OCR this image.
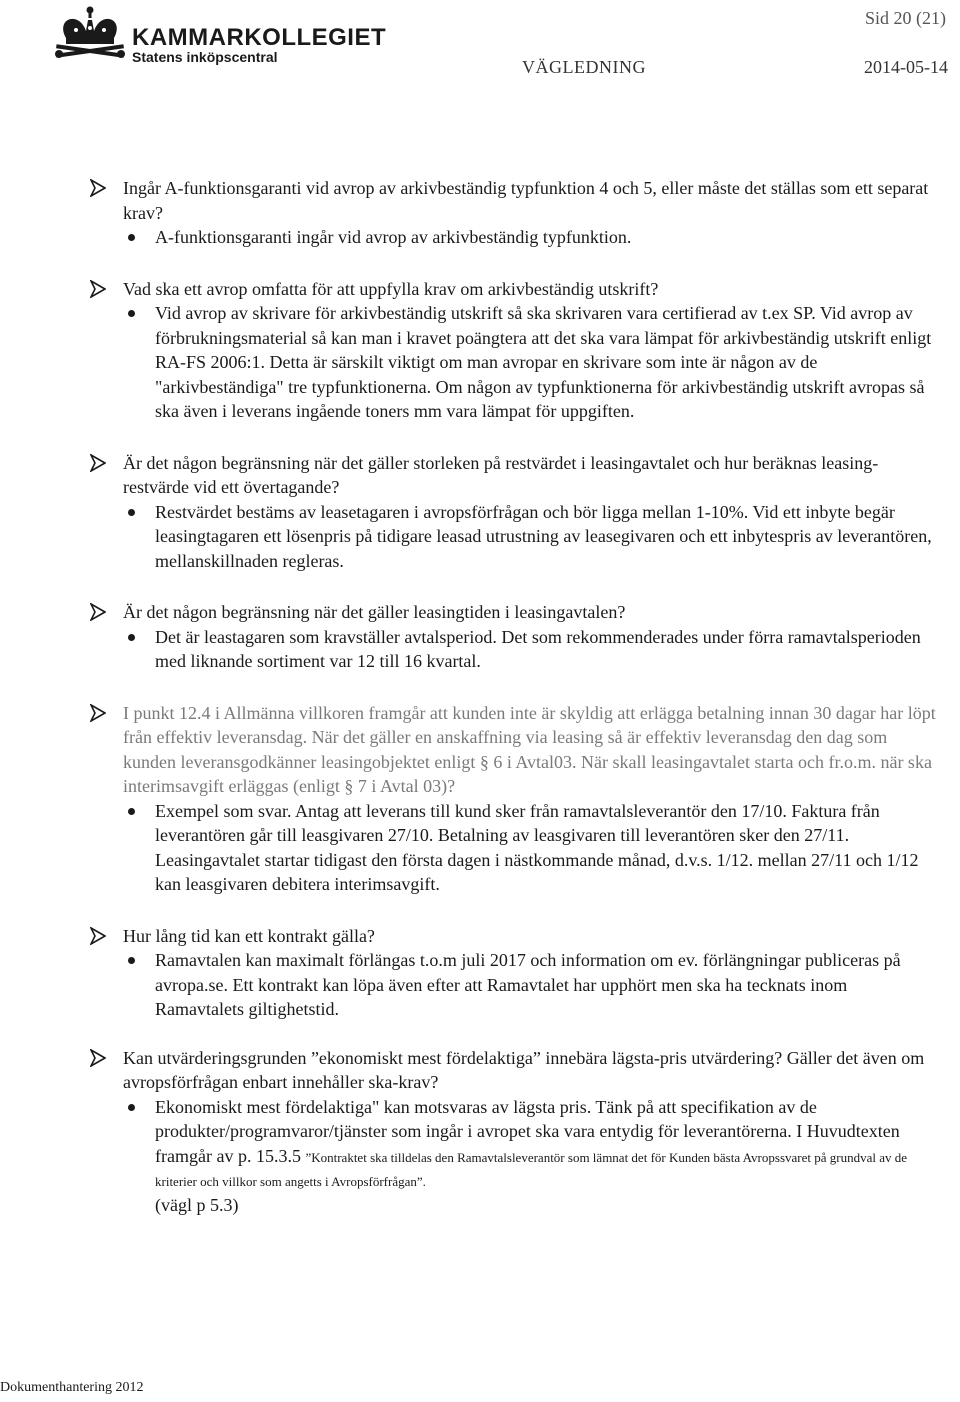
KAMMARKOLLEGIET
Statens inköpscentral
Sid 20 (21)
VÄGLEDNING	2014-05-14

Ingår A-funktionsgaranti vid avrop av arkivbeständig typfunktion 4 och 5, eller måste det ställas som ett separat krav?

A-funktionsgaranti ingår vid avrop av arkivbeständig typfunktion.

Vad ska ett avrop omfatta för att uppfylla krav om arkivbeständig utskrift?

Vid avrop av skrivare för arkivbeständig utskrift så ska skrivaren vara certifierad av t.ex SP. Vid avrop av förbrukningsmaterial så kan man i kravet poängtera att det ska vara lämpat för arkivbeständig utskrift enligt RA-FS 2006:1. Detta är särskilt viktigt om man avropar en skrivare som inte är någon av de "arkivbeständiga" tre typfunktionerna. Om någon av typfunktionerna för arkivbeständig utskrift avropas så ska även i leverans ingående toners mm vara lämpat för uppgiften.

Är det någon begränsning när det gäller storleken på restvärdet i leasingavtalet och hur beräknas leasing-restvärde vid ett övertagande?

Restvärdet bestäms av leasetagaren i avropsförfrågan och bör ligga mellan 1-10%. Vid ett inbyte begär leasingtagaren ett lösenpris på tidigare leasad utrustning av leasegivaren och ett inbytespris av leverantören, mellanskillnaden regleras.

Är det någon begränsning när det gäller leasingtiden i leasingavtalen?

Det är leastagaren som kravställer avtalsperiod. Det som rekommenderades under förra ramavtalsperioden med liknande sortiment var 12 till 16 kvartal.

I punkt 12.4 i Allmänna villkoren framgår att kunden inte är skyldig att erlägga betalning innan 30 dagar har löpt från effektiv leveransdag. När det gäller en anskaffning via leasing så är effektiv leveransdag den dag som kunden leveransgodkänner leasingobjektet enligt § 6 i Avtal03. När skall leasingavtalet starta och fr.o.m. när ska interimsavgift erläggas (enligt § 7 i Avtal 03)?

Exempel som svar. Antag att leverans till kund sker från ramavtalsleverantör den 17/10. Faktura från leverantören går till leasgivaren 27/10. Betalning av leasgivaren till leverantören sker den 27/11. Leasingavtalet startar tidigast den första dagen i nästkommande månad, d.v.s. 1/12. mellan 27/11 och 1/12 kan leasgivaren debitera interimsavgift.

Hur lång tid kan ett kontrakt gälla?

Ramavtalen kan maximalt förlängas t.o.m juli 2017 och information om ev. förlängningar publiceras på avropa.se. Ett kontrakt kan löpa även efter att Ramavtalet har upphört men ska ha tecknats inom Ramavtalets giltighetstid.

Kan utvärderingsgrunden ”ekonomiskt mest fördelaktiga” innebära lägsta-pris utvärdering? Gäller det även om avropsförfrågan enbart innehåller ska-krav?

Ekonomiskt mest fördelaktiga" kan motsvaras av lägsta pris. Tänk på att specifikation av de produkter/programvaror/tjänster som ingår i avropet ska vara entydig för leverantörerna. I Huvudtexten framgår av p. 15.3.5 ”Kontraktet ska tilldelas den Ramavtalsleverantör som lämnat det för Kunden bästa Avropssvaret på grundval av de kriterier och villkor som angetts i Avropsförfrågan”.
(vägl p 5.3)

Dokumenthantering 2012
